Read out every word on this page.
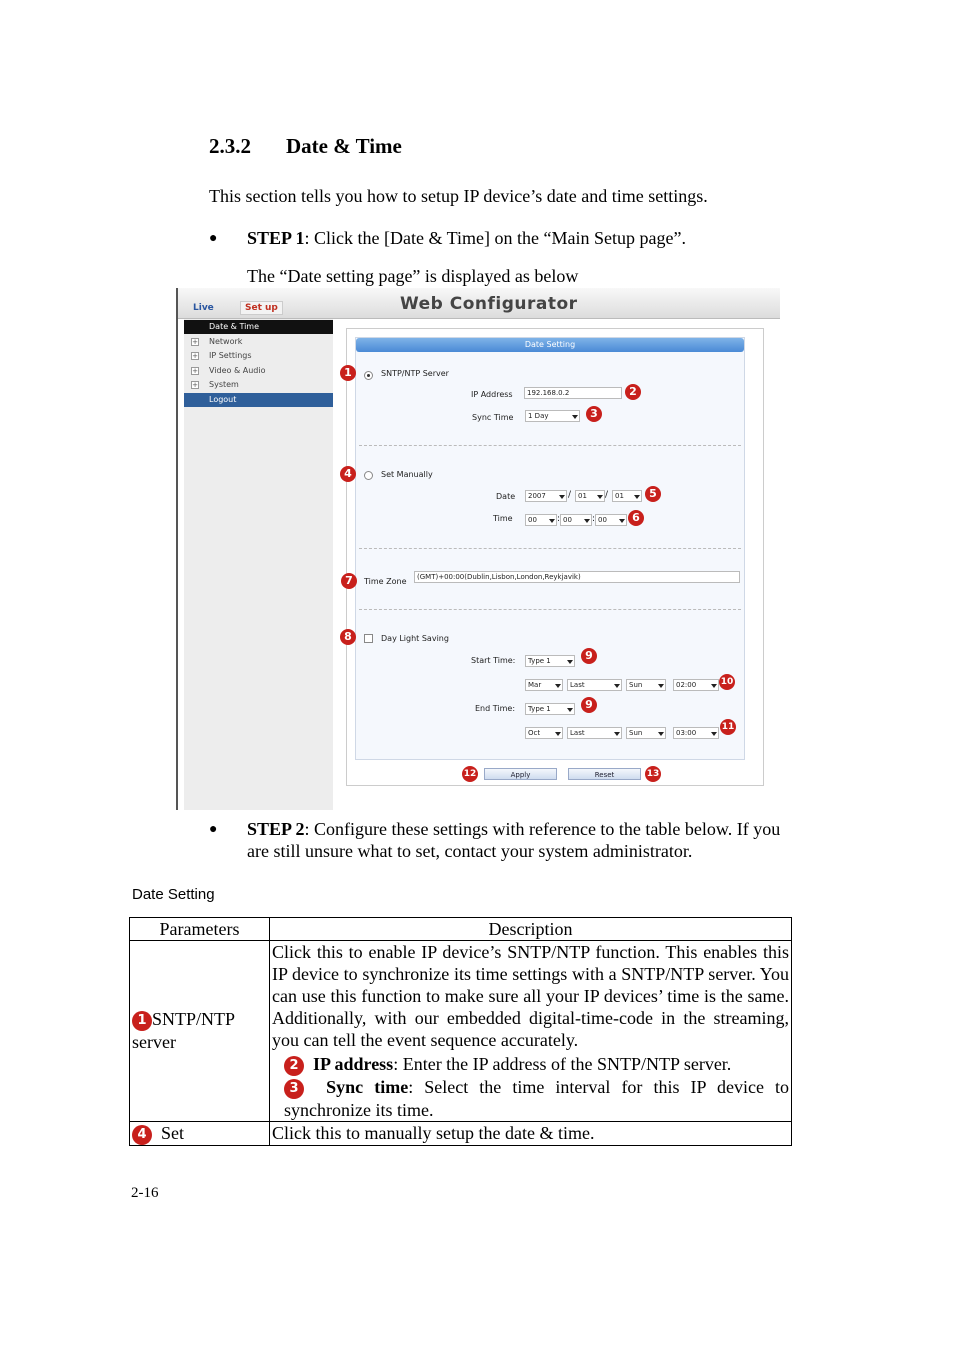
2.3.2 Date & Time
This section tells you how to setup IP device’s date and time settings.
● STEP 1: Click the [Date & Time] on the “Main Setup page”.
The “Date setting page” is displayed as below
Live	Set up	Web Configurator
Date & Time
+ Network
+ IP Settings
+ Video & Audio
+ System
Logout
Date Setting
SNTP/NTP Server
IP Address	192.168.0.2
Sync Time 1 Day
Set Manually
Date 2007 / 01 / 01
Time 00 : 00 : 00
Time Zone	(GMT)+00:00(Dublin,Lisbon,London,Reykjavik)
Day Light Saving
Start Time: Type 1
Mar	Last	Sun	02:00
End Time: Type 1
Oct	Last	Sun	03:00
Apply	Reset
1
2
3
4
5
6
7
8
9
10
9
11
12	13
● STEP 2: Configure these settings with reference to the table below. If you
are still unsure what to set, contact your system administrator.
Date Setting
Parameters	Description
1 SNTP/NTP server	Click this to enable IP device’s SNTP/NTP function. This enables this IP device to synchronize its time settings with a SNTP/NTP server. You can use this function to make sure all your IP devices’ time is the same. Additionally, with our embedded digital-time-code in the streaming, you can tell the event sequence accurately.
2 IP address: Enter the IP address of the SNTP/NTP server.
3 Sync time: Select the time interval for this IP device to synchronize its time.

4 Set	Click this to manually setup the date & time.
2-16
